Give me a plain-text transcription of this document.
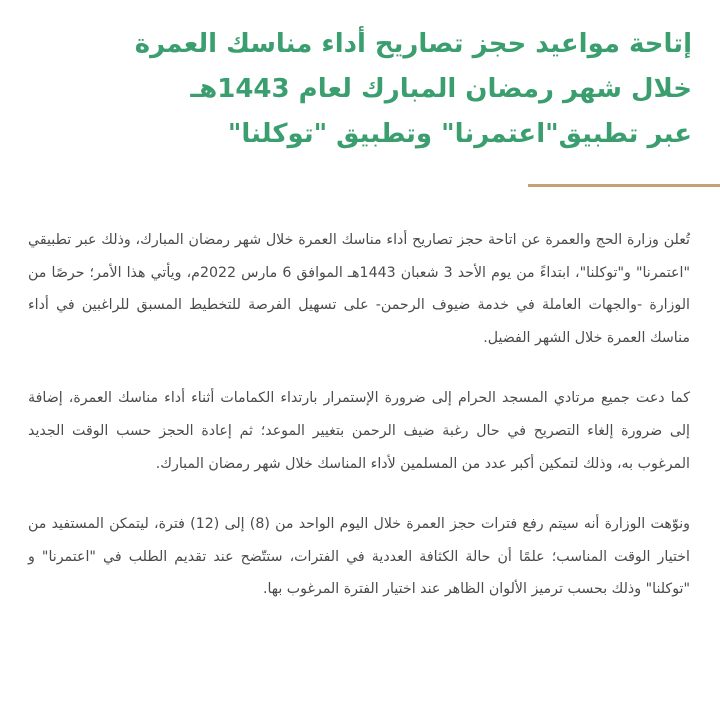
إتاحة مواعيد حجز تصاريح أداء مناسك العمرة
خلال شهر رمضان المبارك لعام 1443هـ
عبر تطبيق"اعتمرنا" وتطبيق "توكلنا"

تُعلن وزارة الحج والعمرة عن اتاحة حجز تصاريح أداء مناسك العمرة خلال شهر رمضان المبارك، وذلك عبر تطبيقي "اعتمرنا" و"توكلنا"، ابتداءً من يوم الأحد 3 شعبان 1443هـ الموافق 6 مارس 2022م، ويأتي هذا الأمر؛ حرصًا من الوزارة -والجهات العاملة في خدمة ضيوف الرحمن- على تسهيل الفرصة للتخطيط المسبق للراغبين في أداء مناسك العمرة خلال الشهر الفضيل.

كما دعت جميع مرتادي المسجد الحرام إلى ضرورة الإستمرار بارتداء الكمامات أثناء أداء مناسك العمرة، إضافة إلى ضرورة إلغاء التصريح في حال رغبة ضيف الرحمن بتغيير الموعد؛ ثم إعادة الحجز حسب الوقت الجديد المرغوب به، وذلك لتمكين أكبر عدد من المسلمين لأداء المناسك خلال شهر رمضان المبارك.

ونوّهت الوزارة أنه سيتم رفع فترات حجز العمرة خلال اليوم الواحد من (8) إلى (12) فترة، ليتمكن المستفيد من اختيار الوقت المناسب؛ علمًا أن حالة الكثافة العددية في الفترات، ستتّضح عند تقديم الطلب في "اعتمرنا" و "توكلنا" وذلك بحسب ترميز الألوان الظاهر عند اختيار الفترة المرغوب بها.
